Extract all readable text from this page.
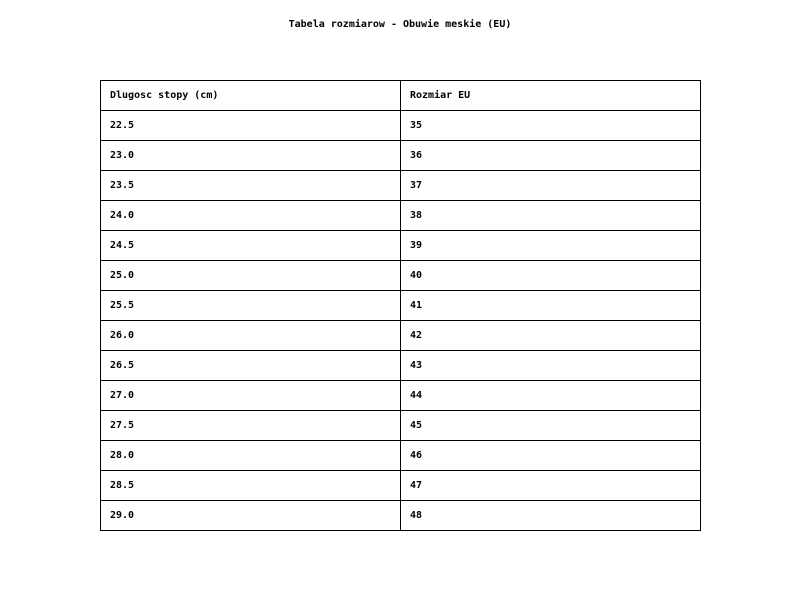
Tabela rozmiarow - Obuwie meskie (EU)
Dlugosc stopy (cm)	Rozmiar EU
22.5	35
23.0	36
23.5	37
24.0	38
24.5	39
25.0	40
25.5	41
26.0	42
26.5	43
27.0	44
27.5	45
28.0	46
28.5	47
29.0	48
